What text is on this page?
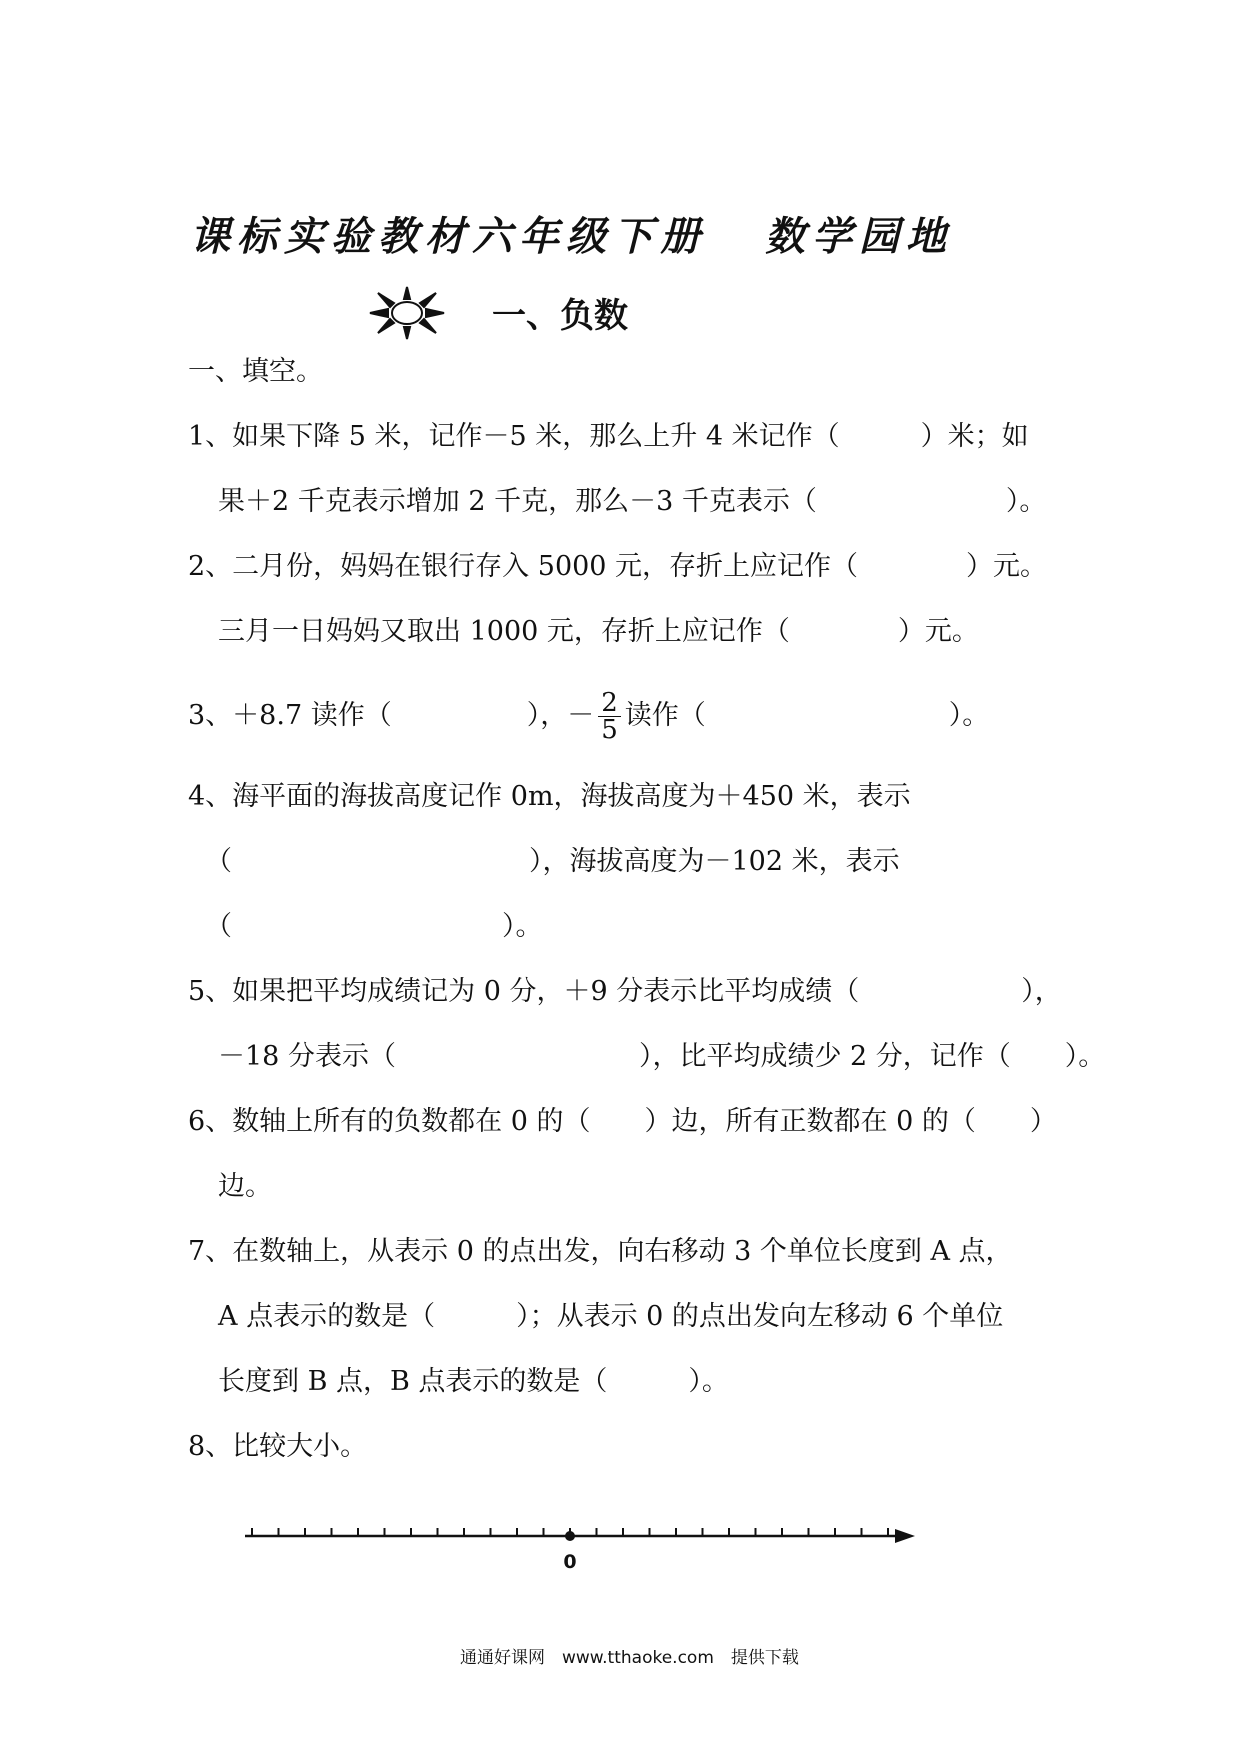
课标实验教材六年级下册 数学园地
一、负数
一、填空。
1、如果下降 5 米，记作－5 米，那么上升 4 米记作（　　　）米；如
果＋2 千克表示增加 2 千克，那么－3 千克表示（　　　　　　　）。
2、二月份，妈妈在银行存入 5000 元，存折上应记作（　　　　）元。
三月一日妈妈又取出 1000 元，存折上应记作（　　　　）元。
3、＋8.7 读作（　　　　　），－ $\frac{2}{5}$ 读作（　　　　　　　　　）。
4、海平面的海拔高度记作 0m，海拔高度为＋450 米，表示
（　　　　　　　　　　　），海拔高度为－102 米，表示
（　　　　　　　　　　）。
5、如果把平均成绩记为 0 分，＋9 分表示比平均成绩（　　　　　　），
－18 分表示（　　　　　　　　　），比平均成绩少 2 分，记作（　　）。
6、数轴上所有的负数都在 0 的（　　）边，所有正数都在 0 的（　　）
边。
7、在数轴上，从表示 0 的点出发，向右移动 3 个单位长度到 A 点，
A 点表示的数是（　　　）；从表示 0 的点出发向左移动 6 个单位
长度到 B 点，B 点表示的数是（　　　）。
8、比较大小。
0
通通好课网　www.tthaoke.com　提供下载
